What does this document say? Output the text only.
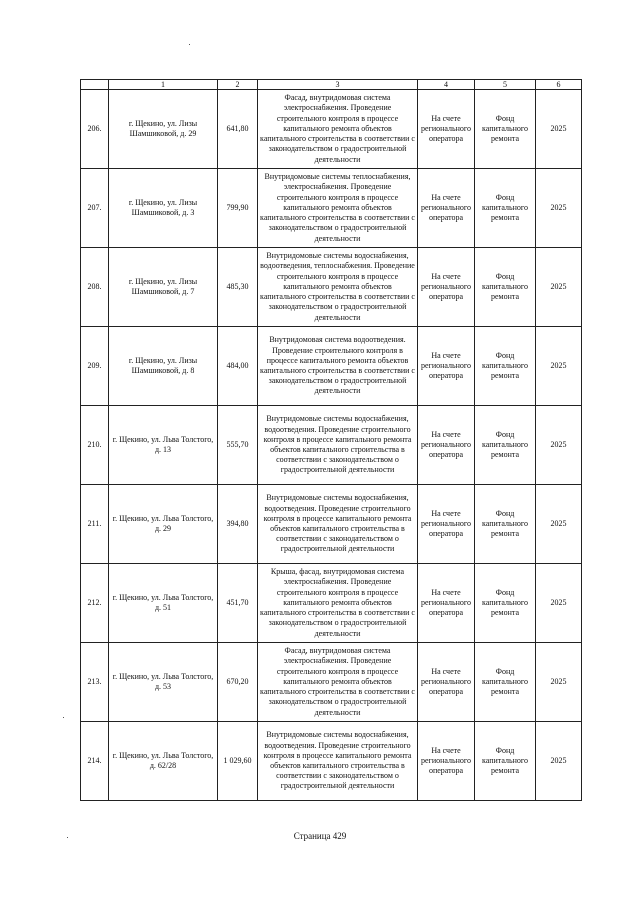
	1	2	3	4	5	6
206.	г. Щекино, ул. Лизы Шамшиковой, д. 29	641,80	Фасад, внутридомовая система электроснабжения. Проведение строительного контроля в процессе капитального ремонта объектов капитального строительства в соответствии с законодательством о градостроительной деятельности	На счете регионального оператора	Фонд капитального ремонта	2025
207.	г. Щекино, ул. Лизы Шамшиковой, д. 3	799,90	Внутридомовые системы теплоснабжения, электроснабжения. Проведение строительного контроля в процессе капитального ремонта объектов капитального строительства в соответствии с законодательством о градостроительной деятельности	На счете регионального оператора	Фонд капитального ремонта	2025
208.	г. Щекино, ул. Лизы Шамшиковой, д. 7	485,30	Внутридомовые системы водоснабжения, водоотведения, теплоснабжения. Проведение строительного контроля в процессе капитального ремонта объектов капитального строительства в соответствии с законодательством о градостроительной деятельности	На счете регионального оператора	Фонд капитального ремонта	2025
209.	г. Щекино, ул. Лизы Шамшиковой, д. 8	484,00	Внутридомовая система водоотведения. Проведение строительного контроля в процессе капитального ремонта объектов капитального строительства в соответствии с законодательством о градостроительной деятельности	На счете регионального оператора	Фонд капитального ремонта	2025
210.	г. Щекино, ул. Льва Толстого, д. 13	555,70	Внутридомовые системы водоснабжения, водоотведения. Проведение строительного контроля в процессе капитального ремонта объектов капитального строительства в соответствии с законодательством о градостроительной деятельности	На счете регионального оператора	Фонд капитального ремонта	2025
211.	г. Щекино, ул. Льва Толстого, д. 29	394,80	Внутридомовые системы водоснабжения, водоотведения. Проведение строительного контроля в процессе капитального ремонта объектов капитального строительства в соответствии с законодательством о градостроительной деятельности	На счете регионального оператора	Фонд капитального ремонта	2025
212.	г. Щекино, ул. Льва Толстого, д. 51	451,70	Крыша, фасад, внутридомовая система электроснабжения. Проведение строительного контроля в процессе капитального ремонта объектов капитального строительства в соответствии с законодательством о градостроительной деятельности	На счете регионального оператора	Фонд капитального ремонта	2025
213.	г. Щекино, ул. Льва Толстого, д. 53	670,20	Фасад, внутридомовая система электроснабжения. Проведение строительного контроля в процессе капитального ремонта объектов капитального строительства в соответствии с законодательством о градостроительной деятельности	На счете регионального оператора	Фонд капитального ремонта	2025
214.	г. Щекино, ул. Льва Толстого, д. 62/28	1 029,60	Внутридомовые системы водоснабжения, водоотведения. Проведение строительного контроля в процессе капитального ремонта объектов капитального строительства в соответствии с законодательством о градостроительной деятельности	На счете регионального оператора	Фонд капитального ремонта	2025
Страница 429
